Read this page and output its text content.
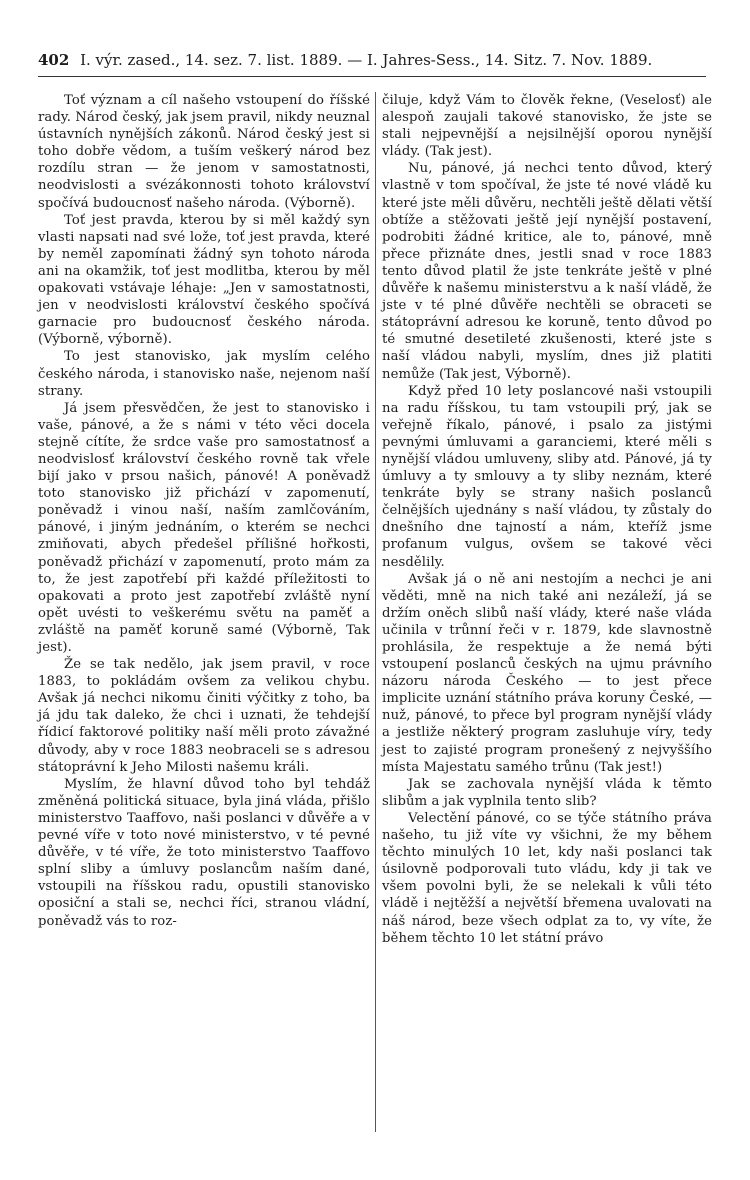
402 I. výr. zased., 14. sez. 7. list. 1889. — I. Jahres-Sess., 14. Sitz. 7. Nov. 1889.

Toť význam a cíl našeho vstoupení do říšské rady. Národ český, jak jsem pravil, nikdy neuznal ústavních nynějších zákonů. Národ český jest si toho dobře vědom, a tuším veškerý národ bez rozdílu stran — že jenom v samostatnosti, neodvislosti a svézákonnosti tohoto království spočívá budoucnosť našeho národa. (Výborně).

Toť jest pravda, kterou by si měl každý syn vlasti napsati nad své lože, toť jest pravda, které by neměl zapomínati žádný syn tohoto národa ani na okamžik, toť jest modlitba, kterou by měl opakovati vstávaje léhaje: „Jen v samostatnosti, jen v neodvislosti království českého spočívá garnacie pro budoucnosť českého národa. (Výborně, výborně).

To jest stanovisko, jak myslím celého českého národa, i stanovisko naše, nejenom naší strany.

Já jsem přesvědčen, že jest to stanovisko i vaše, pánové, a že s námi v této věci docela stejně cítíte, že srdce vaše pro samostatnosť a neodvislosť království českého rovně tak vřele bijí jako v prsou našich, pánové! A poněvadž toto stanovisko již přichází v zapomenutí, poněvadž i vinou naší, naším zamlčováním, pánové, i jiným jednáním, o kterém se nechci zmiňovati, abych předešel přílišné hořkosti, poněvadž přichází v zapomenutí, proto mám za to, že jest zapotřebí při každé příležitosti to opakovati a proto jest zapotřebí zvláště nyní opět uvésti to veškerému světu na paměť a zvláště na paměť koruně samé (Výborně, Tak jest).

Že se tak nedělo, jak jsem pravil, v roce 1883, to pokládám ovšem za velikou chybu. Avšak já nechci nikomu činiti výčitky z toho, ba já jdu tak daleko, že chci i uznati, že tehdejší řídicí faktorové politiky naší měli proto závažné důvody, aby v roce 1883 neobraceli se s adresou státoprávní k Jeho Milosti našemu králi.

Myslím, že hlavní důvod toho byl tehdáž změněná politická situace, byla jiná vláda, přišlo ministerstvo Taaffovo, naši poslanci v důvěře a v pevné víře v toto nové ministerstvo, v té pevné důvěře, v té víře, že toto ministerstvo Taaffovo splní sliby a úmluvy poslancům naším dané, vstoupili na říšskou radu, opustili stanovisko oposiční a stali se, nechci říci, stranou vládní, poněvadž vás to roz-

čiluje, když Vám to člověk řekne, (Veselosť) ale alespoň zaujali takové stanovisko, že jste se stali nejpevnější a nejsilnější oporou nynější vlády. (Tak jest).

Nu, pánové, já nechci tento důvod, který vlastně v tom spočíval, že jste té nové vládě ku které jste měli důvěru, nechtěli ještě dělati větší obtíže a stěžovati ještě její nynější postavení, podrobiti žádné kritice, ale to, pánové, mně přece přiznáte dnes, jestli snad v roce 1883 tento důvod platil že jste tenkráte ještě v plné důvěře k našemu ministerstvu a k naší vládě, že jste v té plné důvěře nechtěli se obraceti se státoprávní adresou ke koruně, tento důvod po té smutné desetileté zkušenosti, které jste s naší vládou nabyli, myslím, dnes již platiti nemůže (Tak jest, Výborně).

Když před 10 lety poslancové naši vstoupili na radu říšskou, tu tam vstoupili prý, jak se veřejně říkalo, pánové, i psalo za jistými pevnými úmluvami a garanciemi, které měli s nynější vládou umluveny, sliby atd. Pánové, já ty úmluvy a ty smlouvy a ty sliby neznám, které tenkráte byly se strany našich poslanců čelnějších ujednány s naší vládou, ty zůstaly do dnešního dne tajností a nám, kteříž jsme profanum vulgus, ovšem se takové věci nesdělily.

Avšak já o ně ani nestojím a nechci je ani věděti, mně na nich také ani nezáleží, já se držím oněch slibů naší vlády, které naše vláda učinila v trůnní řeči v r. 1879, kde slavnostně prohlásila, že respektuje a že nemá býti vstoupení poslanců českých na ujmu právního názoru národa Českého — to jest přece implicite uznání státního práva koruny České, — nuž, pánové, to přece byl program nynější vlády a jestliže některý program zasluhuje víry, tedy jest to zajisté program pronešený z nejvyššího místa Majestatu samého trůnu (Tak jest!)

Jak se zachovala nynější vláda k těmto slibům a jak vyplnila tento slib?

Velectění pánové, co se týče státního práva našeho, tu již víte vy všichni, že my během těchto minulých 10 let, kdy naši poslanci tak úsilovně podporovali tuto vládu, kdy ji tak ve všem povolni byli, že se nelekali k vůli této vládě i nejtěžší a největší břemena uvalovati na náš národ, beze všech odplat za to, vy víte, že během těchto 10 let státní právo
